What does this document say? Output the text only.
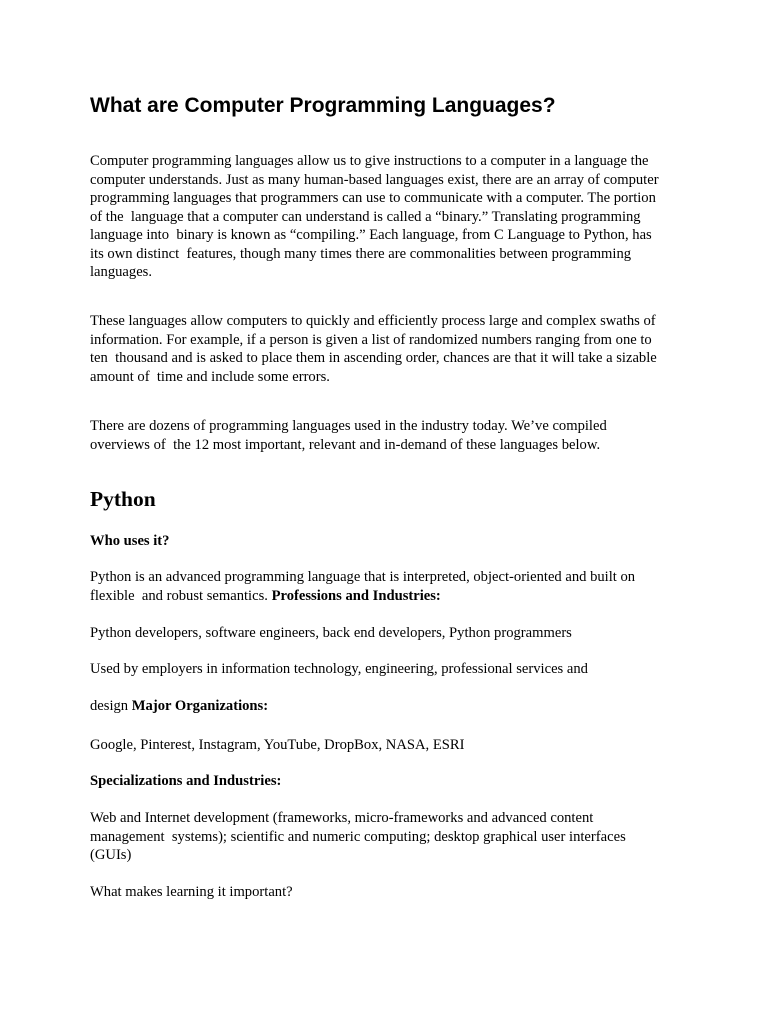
What are Computer Programming Languages?

Computer programming languages allow us to give instructions to a computer in a language the
computer understands. Just as many human-based languages exist, there are an array of computer
programming languages that programmers can use to communicate with a computer. The portion
of the  language that a computer can understand is called a “binary.” Translating programming
language into  binary is known as “compiling.” Each language, from C Language to Python, has
its own distinct  features, though many times there are commonalities between programming
languages.

These languages allow computers to quickly and efficiently process large and complex swaths of
information. For example, if a person is given a list of randomized numbers ranging from one to
ten  thousand and is asked to place them in ascending order, chances are that it will take a sizable
amount of  time and include some errors.

There are dozens of programming languages used in the industry today. We’ve compiled
overviews of  the 12 most important, relevant and in-demand of these languages below.

Python

Who uses it?

Python is an advanced programming language that is interpreted, object-oriented and built on
flexible  and robust semantics. Professions and Industries:

Python developers, software engineers, back end developers, Python programmers

Used by employers in information technology, engineering, professional services and

design Major Organizations:

Google, Pinterest, Instagram, YouTube, DropBox, NASA, ESRI

Specializations and Industries:

Web and Internet development (frameworks, micro-frameworks and advanced content
management  systems); scientific and numeric computing; desktop graphical user interfaces
(GUIs)

What makes learning it important?
